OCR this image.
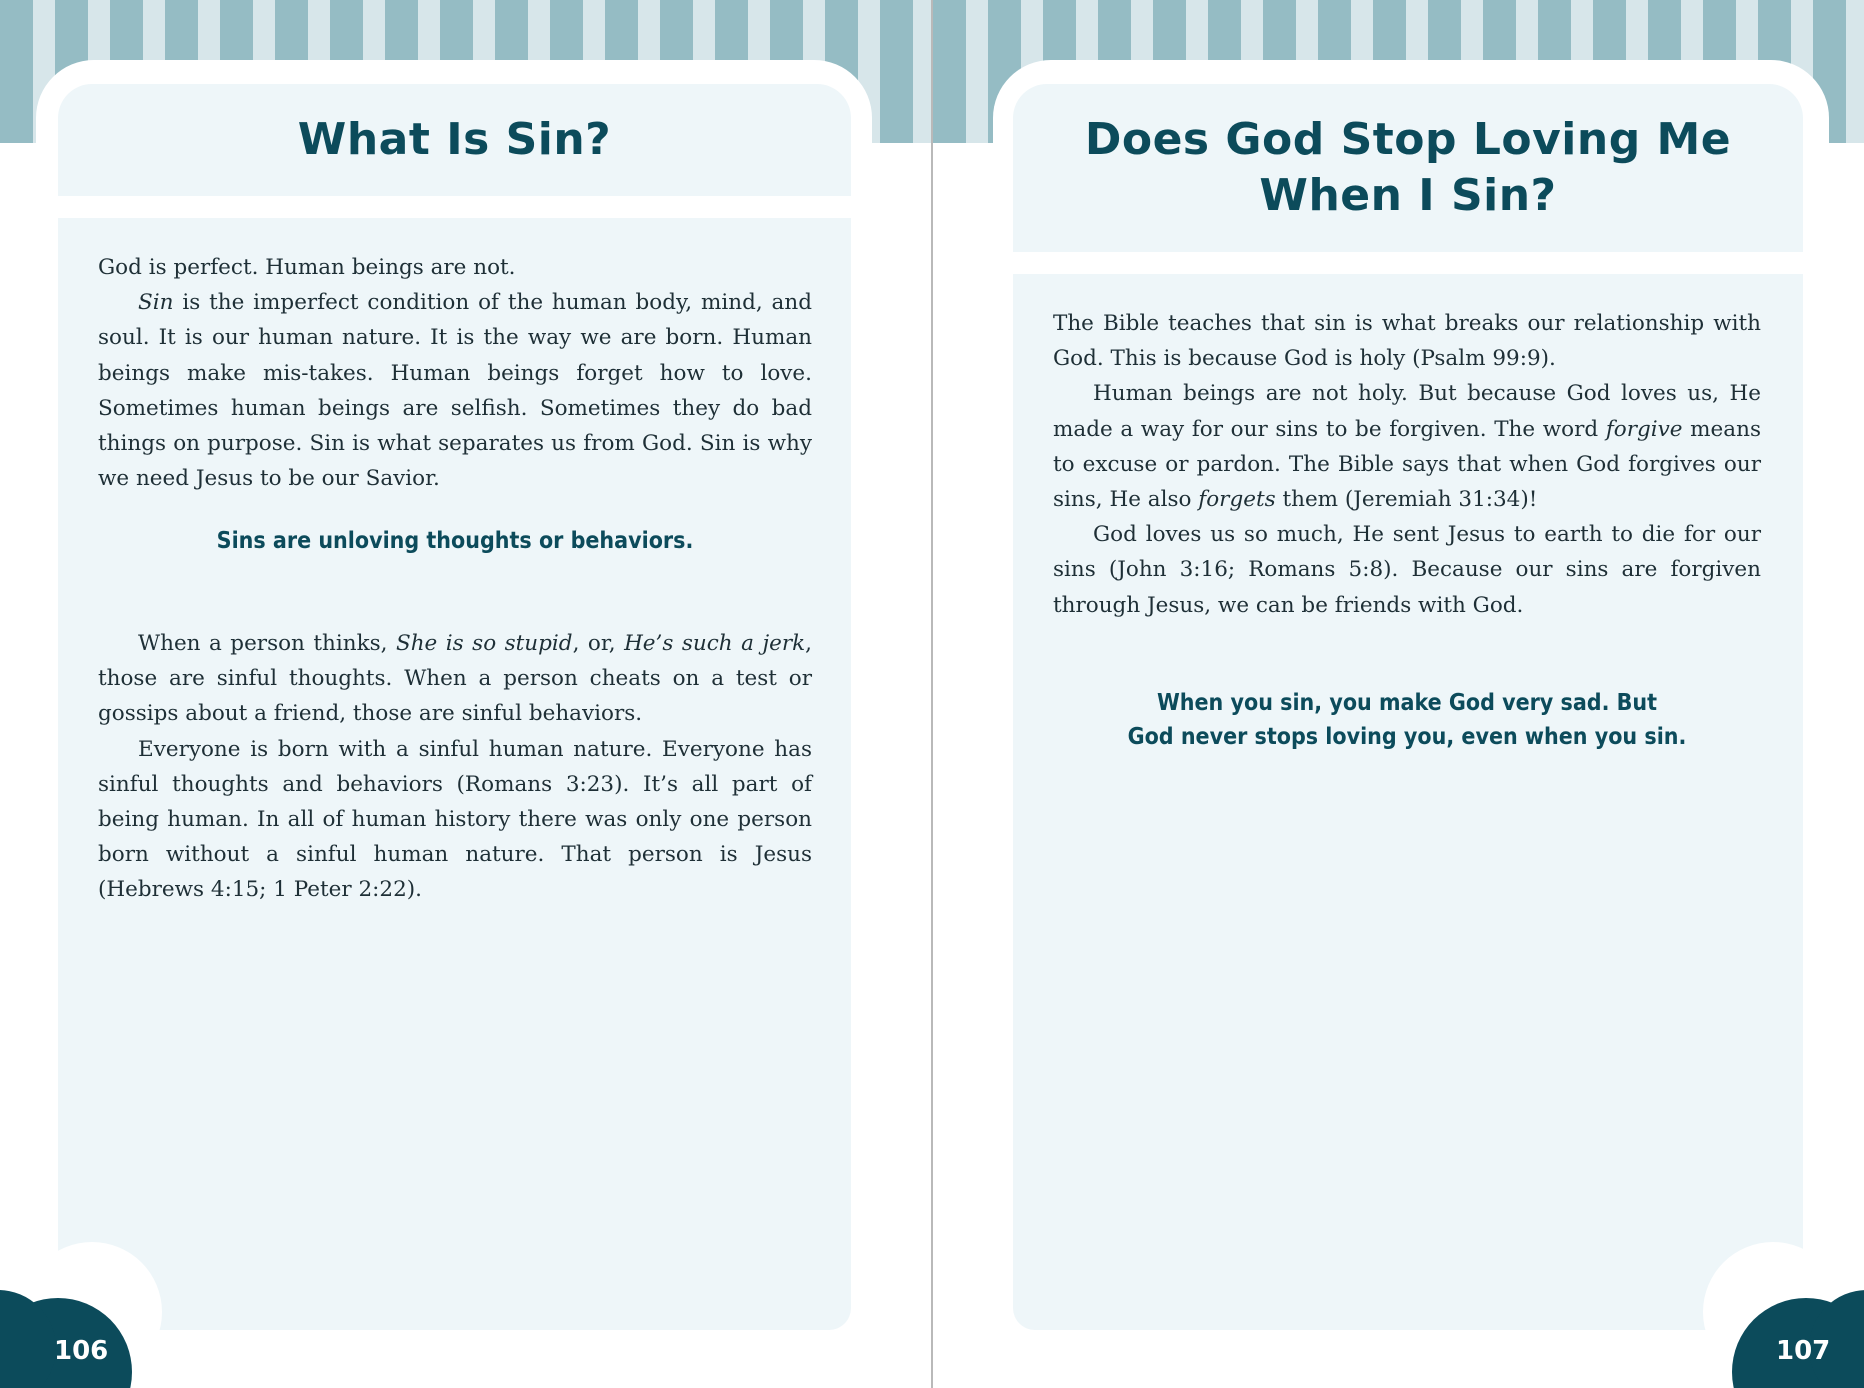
What Is Sin?

God is perfect. Human beings are not.

Sin is the imperfect condition of the human body, mind, and soul. It is our human nature. It is the way we are born. Human beings make mis-takes. Human beings forget how to love. Sometimes human beings are selfish. Sometimes they do bad things on purpose. Sin is what separates us from God. Sin is why we need Jesus to be our Savior.

Sins are unloving thoughts or behaviors.

When a person thinks, She is so stupid, or, He’s such a jerk, those are sinful thoughts. When a person cheats on a test or gossips about a friend, those are sinful behaviors.

Everyone is born with a sinful human nature. Everyone has sinful thoughts and behaviors (Romans 3:23). It’s all part of being human. In all of human history there was only one person born without a sinful human nature. That person is Jesus (Hebrews 4:15; 1 Peter 2:22).

106
Does God Stop Loving Me
When I Sin?

The Bible teaches that sin is what breaks our relationship with God. This is because God is holy (Psalm 99:9).

Human beings are not holy. But because God loves us, He made a way for our sins to be forgiven. The word forgive means to excuse or pardon. The Bible says that when God forgives our sins, He also forgets them (Jeremiah 31:34)!

God loves us so much, He sent Jesus to earth to die for our sins (John 3:16; Romans 5:8). Because our sins are forgiven through Jesus, we can be friends with God.

When you sin, you make God very sad. But
God never stops loving you, even when you sin.
107
